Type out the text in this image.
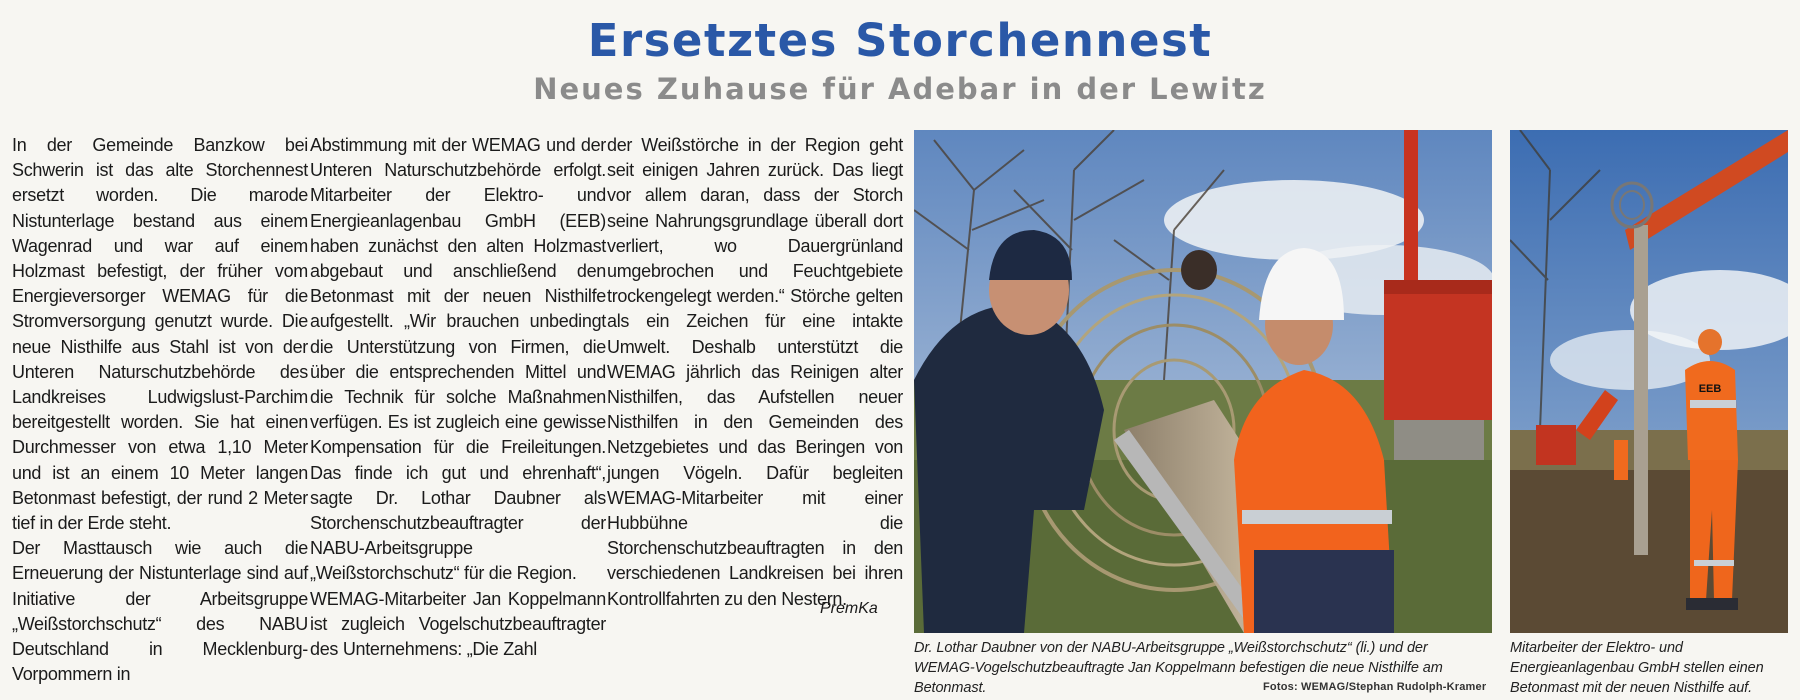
Ersetztes Storchennest
Neues Zuhause für Adebar in der Lewitz

In der Gemeinde Banzkow bei Schwerin ist das alte Storchennest ersetzt worden. Die marode Nistunterlage bestand aus einem Wagenrad und war auf einem Holzmast befestigt, der früher vom Energieversorger WEMAG für die Stromversorgung genutzt wurde. Die neue Nisthilfe aus Stahl ist von der Unteren Naturschutzbehörde des Landkreises Ludwigslust-Parchim bereitgestellt worden. Sie hat einen Durchmesser von etwa 1,10 Meter und ist an einem 10 Meter langen Betonmast befestigt, der rund 2 Meter tief in der Erde steht.

Der Masttausch wie auch die Erneuerung der Nistunterlage sind auf Initiative der Arbeitsgruppe „Weißstorchschutz“ des NABU Deutschland in Mecklenburg-Vorpommern in

Abstimmung mit der WEMAG und der Unteren Naturschutzbehörde erfolgt. Mitarbeiter der Elektro- und Energieanlagenbau GmbH (EEB) haben zunächst den alten Holzmast abgebaut und anschließend den Betonmast mit der neuen Nisthilfe aufgestellt. „Wir brauchen unbedingt die Unterstützung von Firmen, die über die entsprechenden Mittel und die Technik für solche Maßnahmen verfügen. Es ist zugleich eine gewisse Kompensation für die Freileitungen. Das finde ich gut und ehrenhaft“, sagte Dr. Lothar Daubner als Storchenschutzbeauftragter der NABU-Arbeitsgruppe „Weißstorchschutz“ für die Region.

WEMAG-Mitarbeiter Jan Koppelmann ist zugleich Vogelschutzbeauftragter des Unternehmens: „Die Zahl

der Weißstörche in der Region geht seit einigen Jahren zurück. Das liegt vor allem daran, dass der Storch seine Nahrungsgrundlage überall dort verliert, wo Dauergrünland umgebrochen und Feuchtgebiete trockengelegt werden.“ Störche gelten als ein Zeichen für eine intakte Umwelt. Deshalb unterstützt die WEMAG jährlich das Reinigen alter Nisthilfen, das Aufstellen neuer Nisthilfen in den Gemeinden des Netzgebietes und das Beringen von jungen Vögeln. Dafür begleiten WEMAG-Mitarbeiter mit einer Hubbühne die Storchenschutzbeauftragten in den verschiedenen Landkreisen bei ihren Kontrollfahrten zu den Nestern.

PremKa
EEB
Dr. Lothar Daubner von der NABU-Arbeitsgruppe „Weißstorchschutz“ (li.) und der WEMAG-Vogelschutzbeauftragte Jan Koppelmann befestigen die neue Nisthilfe am Betonmast.	Fotos: WEMAG/Stephan Rudolph-Kramer
Mitarbeiter der Elektro- und Energieanlagenbau GmbH stellen einen Betonmast mit der neuen Nisthilfe auf.
